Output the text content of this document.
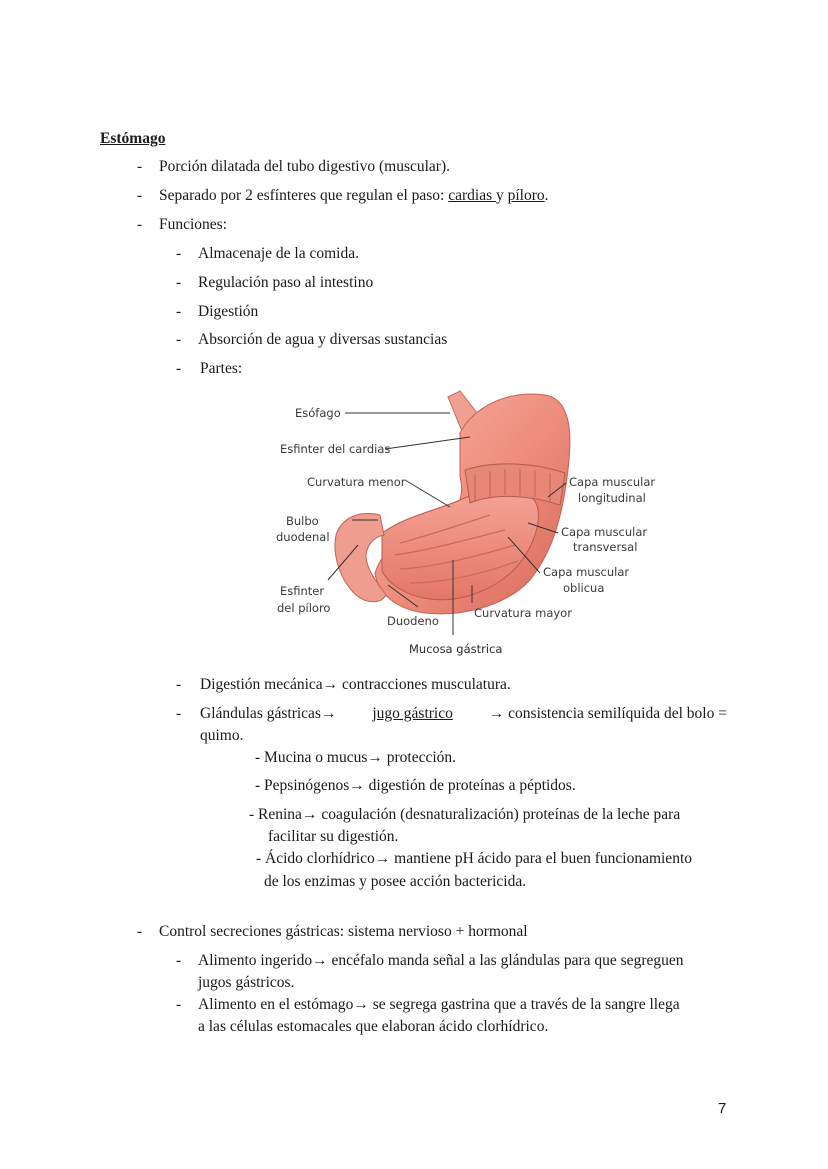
Estómago
- Porción dilatada del tubo digestivo (muscular).
- Separado por 2 esfínteres que regulan el paso: cardias y píloro.
- Funciones:
- Almacenaje de la comida.
- Regulación paso al intestino
- Digestión
- Absorción de agua y diversas sustancias
- Partes:
Esófago
Esfinter del cardias
Curvatura menor
Bulbo
duodenal
Esfinter
del píloro
Duodeno
Curvatura mayor
Capa muscular
longitudinal
Capa muscular
transversal
Capa muscular
oblicua
Mucosa gástrica
- Digestión mecánica→ contracciones musculatura.
- Glándulas gástricas→ jugo gástrico → consistencia semilíquida del bolo =
quimo.
- Mucina o mucus→ protección.
- Pepsinógenos→ digestión de proteínas a péptidos.
- Renina→ coagulación (desnaturalización) proteínas de la leche para
facilitar su digestión.
- Ácido clorhídrico→ mantiene pH ácido para el buen funcionamiento
de los enzimas y posee acción bactericida.
- Control secreciones gástricas: sistema nervioso + hormonal
- Alimento ingerido→ encéfalo manda señal a las glándulas para que segreguen
jugos gástricos.
- Alimento en el estómago→ se segrega gastrina que a través de la sangre llega
a las células estomacales que elaboran ácido clorhídrico.
7
